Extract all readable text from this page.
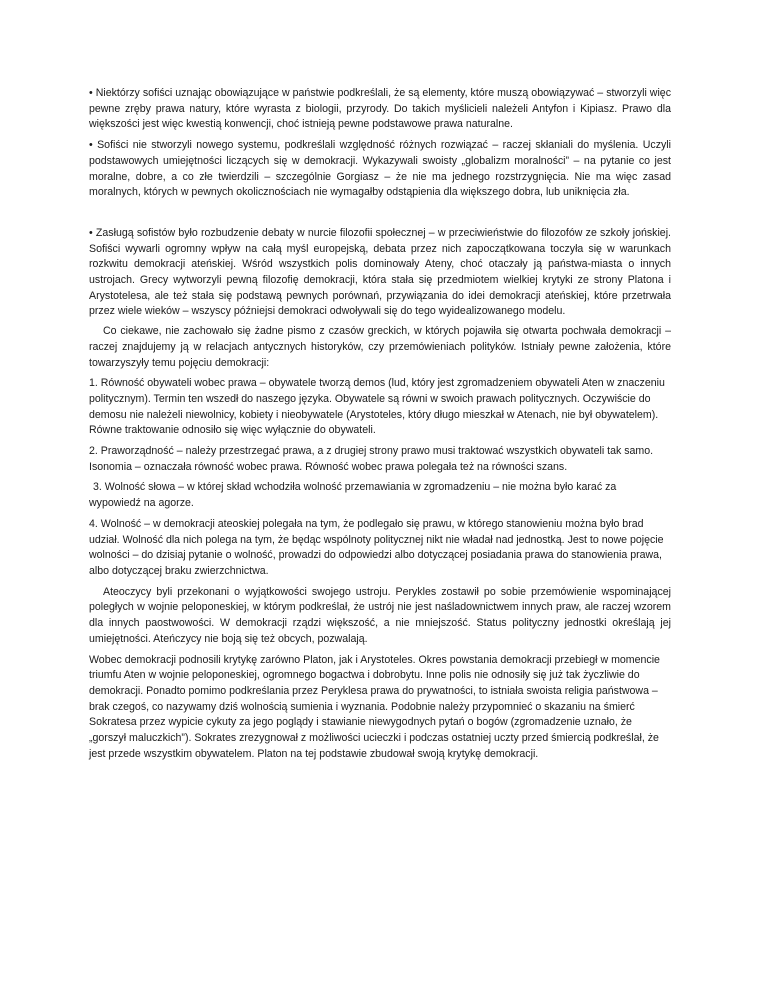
• Niektórzy sofiści uznając obowiązujące w państwie podkreślali, że są elementy, które muszą obowiązywać – stworzyli więc pewne zręby prawa natury, które wyrasta z biologii, przyrody. Do takich myślicieli należeli Antyfon i Kipiasz. Prawo dla większości jest więc kwestią konwencji, choć istnieją pewne podstawowe prawa naturalne.

• Sofiści nie stworzyli nowego systemu, podkreślali względność różnych rozwiązać – raczej skłaniali do myślenia. Uczyli podstawowych umiejętności liczących się w demokracji. Wykazywali swoisty „globalizm moralności” – na pytanie co jest moralne, dobre, a co złe twierdzili – szczególnie Gorgiasz – że nie ma jednego rozstrzygnięcia. Nie ma więc zasad moralnych, których w pewnych okolicznościach nie wymagałby odstąpienia dla większego dobra, lub uniknięcia zła.

• Zasługą sofistów było rozbudzenie debaty w nurcie filozofii społecznej – w przeciwieństwie do filozofów ze szkoły jońskiej. Sofiści wywarli ogromny wpływ na całą myśl europejską, debata przez nich zapoczątkowana toczyła się w warunkach rozkwitu demokracji ateńskiej. Wśród wszystkich polis dominowały Ateny, choć otaczały ją państwa-miasta o innych ustrojach. Grecy wytworzyli pewną filozofię demokracji, która stała się przedmiotem wielkiej krytyki ze strony Platona i Arystotelesa, ale też stała się podstawą pewnych porównań, przywiązania do idei demokracji ateńskiej, które przetrwała przez wiele wieków – wszyscy późniejsi demokraci odwoływali się do tego wyidealizowanego modelu.

Co ciekawe, nie zachowało się żadne pismo z czasów greckich, w których pojawiła się otwarta pochwała demokracji – raczej znajdujemy ją w relacjach antycznych historyków, czy przemówieniach polityków. Istniały pewne założenia, które towarzyszyły temu pojęciu demokracji:

1. Równość obywateli wobec prawa – obywatele tworzą demos (lud, który jest zgromadzeniem obywateli Aten w znaczeniu politycznym). Termin ten wszedł do naszego języka. Obywatele są równi w swoich prawach politycznych. Oczywiście do demosu nie należeli niewolnicy, kobiety i nieobywatele (Arystoteles, który długo mieszkał w Atenach, nie był obywatelem). Równe traktowanie odnosiło się więc wyłącznie do obywateli.

2. Praworządność – należy przestrzegać prawa, a z drugiej strony prawo musi traktować wszystkich obywateli tak samo. Isonomia – oznaczała równość wobec prawa. Równość wobec prawa polegała też na równości szans.

3. Wolność słowa – w której skład wchodziła wolność przemawiania w zgromadzeniu – nie można było karać za wypowiedź na agorze.

4. Wolność – w demokracji ateoskiej polegała na tym, że podlegało się prawu, w którego stanowieniu można było brad udział. Wolność dla nich polega na tym, że będąc wspólnoty politycznej nikt nie władał nad jednostką. Jest to nowe pojęcie wolności – do dzisiaj pytanie o wolność, prowadzi do odpowiedzi albo dotyczącej posiadania prawa do stanowienia prawa, albo dotyczącej braku zwierzchnictwa.

Ateoczycy byli przekonani o wyjątkowości swojego ustroju. Perykles zostawił po sobie przemówienie wspominającej poległych w wojnie peloponeskiej, w którym podkreślał, że ustrój nie jest naśladownictwem innych praw, ale raczej wzorem dla innych paostwowości. W demokracji rządzi większość, a nie mniejszość. Status polityczny jednostki określają jej umiejętności. Ateńczycy nie boją się też obcych, pozwalają.

Wobec demokracji podnosili krytykę zarówno Platon, jak i Arystoteles. Okres powstania demokracji przebiegł w momencie triumfu Aten w wojnie peloponeskiej, ogromnego bogactwa i dobrobytu. Inne polis nie odnosiły się już tak życzliwie do demokracji. Ponadto pomimo podkreślania przez Peryklesa prawa do prywatności, to istniała swoista religia państwowa – brak czegoś, co nazywamy dziś wolnością sumienia i wyznania. Podobnie należy przypomnieć o skazaniu na śmierć Sokratesa przez wypicie cykuty za jego poglądy i stawianie niewygodnych pytań o bogów (zgromadzenie uznało, że „gorszył maluczkich”). Sokrates zrezygnował z możliwości ucieczki i podczas ostatniej uczty przed śmiercią podkreślał, że jest przede wszystkim obywatelem. Platon na tej podstawie zbudował swoją krytykę demokracji.
